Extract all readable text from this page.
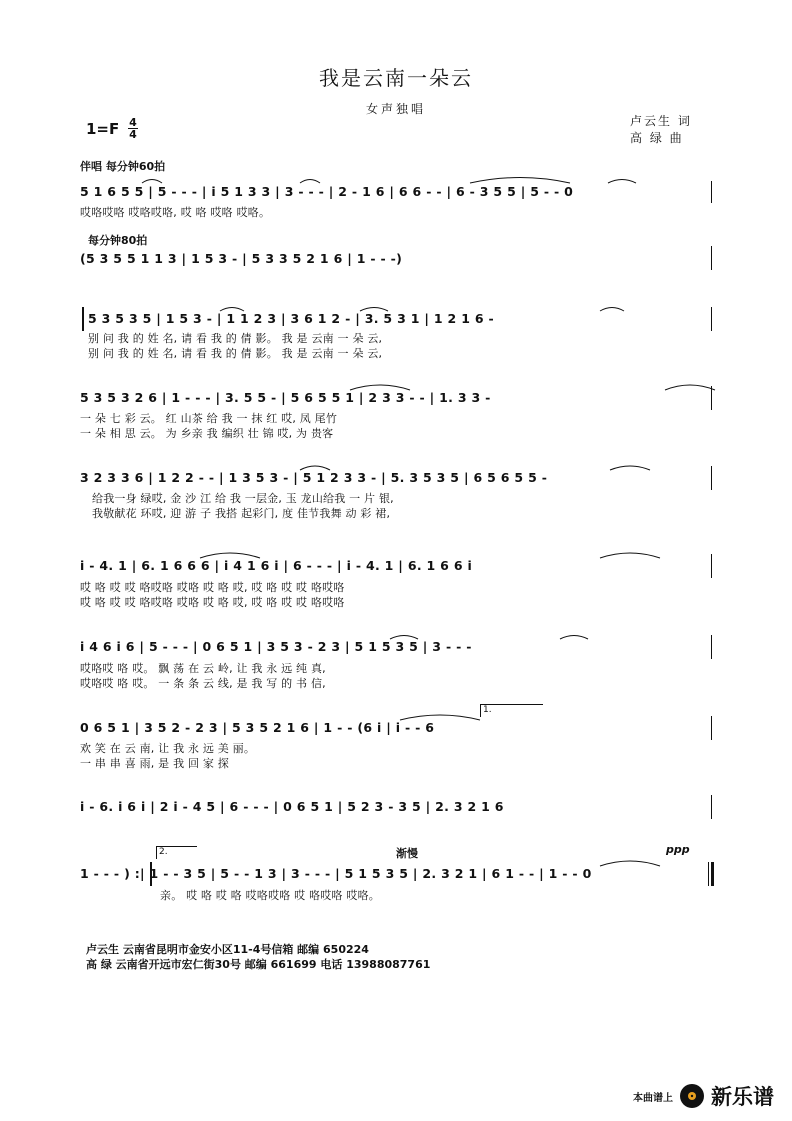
我是云南一朵云
女声独唱
卢云生 词
高 绿 曲
1=F 4
4
伴唱 每分钟60拍
5 1 6 5 5 | 5 - - - | i 5 1 3 3 | 3 - - - | 2 - 1 6 | 6 6 - - | 6 - 3 5 5 | 5 - - 0
哎咯哎咯 哎咯哎咯, 哎 咯 哎咯 哎咯。
每分钟80拍
(5 3 5 5 1 1 3 | 1 5 3 - | 5 3 3 5 2 1 6 | 1 - - -)
5 3 5 3 5 | 1 5 3 - | 1 1 2 3 | 3 6 1 2 - | 3. 5 3 1 | 1 2 1 6 -
别 问 我 的 姓 名, 请 看 我 的 倩 影。 我 是 云南 一 朵 云,
别 问 我 的 姓 名, 请 看 我 的 倩 影。 我 是 云南 一 朵 云,
5 3 5 3 2 6 | 1 - - - | 3. 5 5 - | 5 6 5 5 1 | 2 3 3 - - | 1. 3 3 -
一 朵 七 彩 云。 红 山茶 给 我 一 抹 红 哎, 凤 尾竹
一 朵 相 思 云。 为 乡亲 我 编织 壮 锦 哎, 为 贵客
3 2 3 3 6 | 1 2 2 - - | 1 3 5 3 - | 5 1 2 3 3 - | 5. 3 5 3 5 | 6 5 6 5 5 -
给我一身 绿哎, 金 沙 江 给 我 一层金, 玉 龙山给我 一 片 银,
我敬献花 环哎, 迎 游 子 我搭 起彩门, 度 佳节我舞 动 彩 裙,
i - 4. 1 | 6. 1 6 6 6 | i 4 1 6 i | 6 - - - | i - 4. 1 | 6. 1 6 6 i
哎 咯 哎 哎 咯哎咯 哎咯 哎 咯 哎, 哎 咯 哎 哎 咯哎咯
哎 咯 哎 哎 咯哎咯 哎咯 哎 咯 哎, 哎 咯 哎 哎 咯哎咯
i 4 6 i 6 | 5 - - - | 0 6 5 1 | 3 5 3 - 2 3 | 5 1 5 3 5 | 3 - - -
哎咯哎 咯 哎。 飘 荡 在 云 岭, 让 我 永 远 纯 真,
哎咯哎 咯 哎。 一 条 条 云 线, 是 我 写 的 书 信,
1.
0 6 5 1 | 3 5 2 - 2 3 | 5 3 5 2 1 6 | 1 - - (6 i | i - - 6
欢 笑 在 云 南, 让 我 永 远 美 丽。
一 串 串 喜 雨, 是 我 回 家 探
i - 6. i 6 i | 2 i - 4 5 | 6 - - - | 0 6 5 1 | 5 2 3 - 3 5 | 2. 3 2 1 6
2.	渐慢	ppp
1 - - - ) :| 1 - - 3 5 | 5 - - 1 3 | 3 - - - | 5 1 5 3 5 | 2. 3 2 1 | 6 1 - - | 1 - - 0
亲。 哎 咯 哎 咯 哎咯哎咯 哎 咯哎咯 哎咯。
卢云生 云南省昆明市金安小区11-4号信箱 邮编 650224
高 绿 云南省开远市宏仁街30号 邮编 661699 电话 13988087761
本曲谱上 新乐谱
